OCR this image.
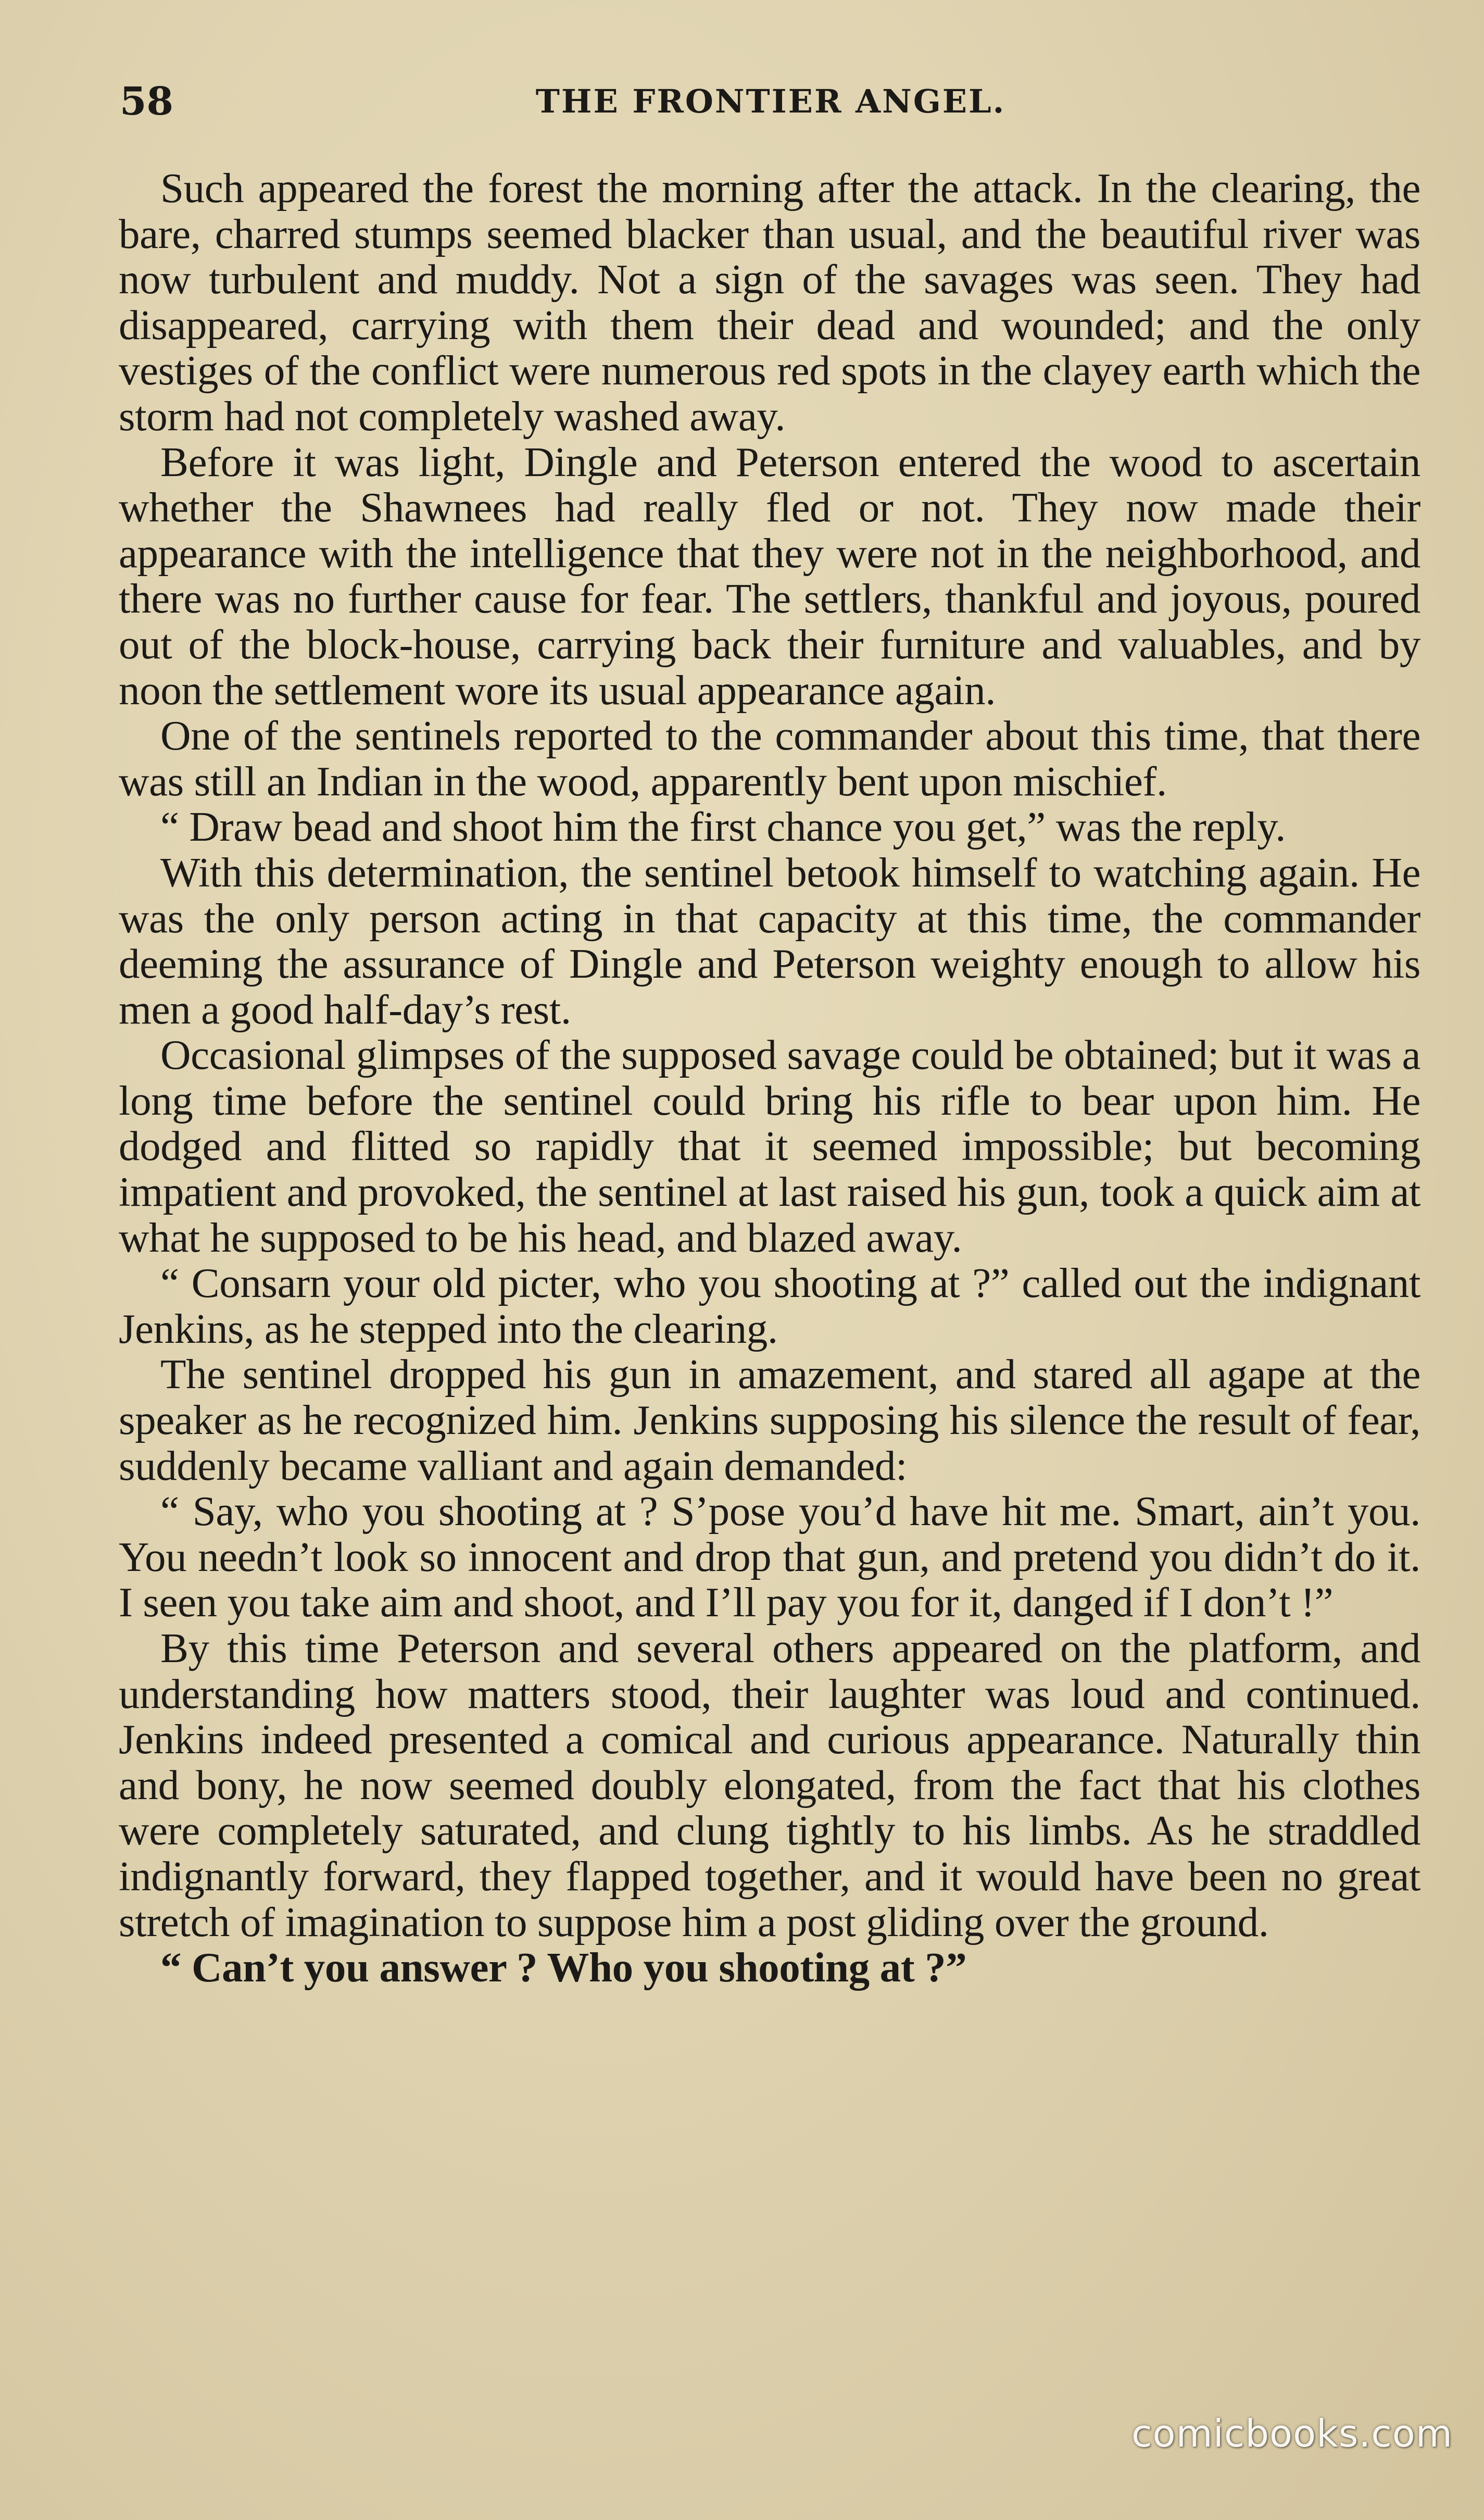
58	THE FRONTIER ANGEL.

Such appeared the forest the morning after the attack. In the clearing, the bare, charred stumps seemed blacker than usual, and the beautiful river was now turbulent and muddy. Not a sign of the savages was seen. They had disappeared, carrying with them their dead and wounded; and the only vestiges of the conflict were numerous red spots in the clayey earth which the storm had not completely washed away.

Before it was light, Dingle and Peterson entered the wood to ascertain whether the Shawnees had really fled or not. They now made their appearance with the intelligence that they were not in the neighborhood, and there was no further cause for fear. The settlers, thankful and joyous, poured out of the block-house, carrying back their furniture and valuables, and by noon the settlement wore its usual appearance again.

One of the sentinels reported to the commander about this time, that there was still an Indian in the wood, apparently bent upon mischief.

“ Draw bead and shoot him the first chance you get,” was the reply.

With this determination, the sentinel betook himself to watching again. He was the only person acting in that capacity at this time, the commander deeming the assurance of Dingle and Peterson weighty enough to allow his men a good half-day’s rest.

Occasional glimpses of the supposed savage could be obtained; but it was a long time before the sentinel could bring his rifle to bear upon him. He dodged and flitted so rapidly that it seemed impossible; but becoming impatient and provoked, the sentinel at last raised his gun, took a quick aim at what he supposed to be his head, and blazed away.

“ Consarn your old picter, who you shooting at ?” called out the indignant Jenkins, as he stepped into the clearing.

The sentinel dropped his gun in amazement, and stared all agape at the speaker as he recognized him. Jenkins supposing his silence the result of fear, suddenly became valliant and again demanded:

“ Say, who you shooting at ? S’pose you’d have hit me. Smart, ain’t you. You needn’t look so innocent and drop that gun, and pretend you didn’t do it. I seen you take aim and shoot, and I’ll pay you for it, danged if I don’t !”

By this time Peterson and several others appeared on the platform, and understanding how matters stood, their laughter was loud and continued. Jenkins indeed presented a comical and curious appearance. Naturally thin and bony, he now seemed doubly elongated, from the fact that his clothes were completely saturated, and clung tightly to his limbs. As he straddled indignantly forward, they flapped together, and it would have been no great stretch of imagination to suppose him a post gliding over the ground.

“ Can’t you answer ? Who you shooting at ?”

comicbooks.com
